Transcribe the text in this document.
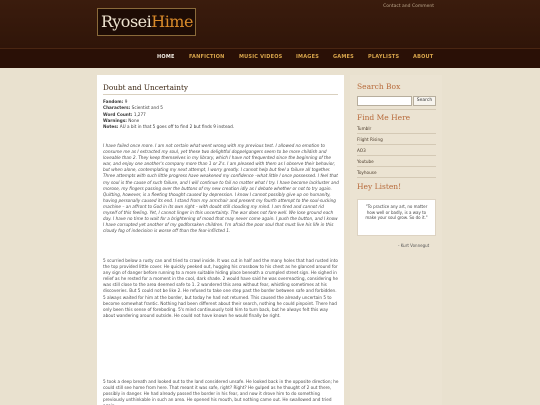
RyoseiHime
Contact and Comment
HOME	FANFICTION	MUSIC VIDEOS	IMAGES	GAMES	PLAYLISTS	ABOUT
Doubt and Uncertainty
Fandom: 9
Characters: Scientist and 5
Word Count: 1,277
Warnings: None
Notes: AU a bit in that 5 goes off to find 2 but finds 9 instead.

I have failed once more. I am not certain what went wrong with my previous test. I allowed no emotion to consume me as I extracted my soul, yet these two delightful doppelgangers seem to be more childish and loveable than 2. They keep themselves in my library, which I have not frequented since the beginning of the war, and enjoy one another's company more than 1 or 2's. I am pleased with them as I observe their behavior, but when alone, contemplating my next attempt, I worry greatly. I cannot help but feel a failure all together. Three attempts with such little progress have weakened my confidence –what little I once possessed. I feel that my soul is the cause of such failure, and I will continue to fail no matter what I try. I have become lackluster and morose, my fingers passing over the buttons of my new creation idly as I debate whether or not to try again. Quitting, however, is a fleeting thought caused by depression. I know I cannot possibly give up on humanity, having personally caused its end. I stand from my armchair and present my fourth attempt to the soul-sucking machine – an affront to God in its own right – with doubt still clouding my mind. I am tired and cannot rid myself of this feeling. Yet, I cannot linger in this uncertainty. The war does not fare well. We lose ground each day. I have no time to wait for a brightening of mood that may never come again. I push the button, and I know I have corrupted yet another of my godforsaken children. I'm afraid the poor soul that must live his life in this cloudy fog of indecision is worse off than the fear-inflicted 1.

5 scurried below a rusty can and tried to crawl inside. It was cut in half and the many holes that had rusted into the top provided little cover. He quickly peeked out, hugging his crossbow to his chest as he glanced around for any sign of danger before running to a more suitable hiding place beneath a crumpled street sign. He sighed in relief as he rested for a moment in the cool, dark shade. 2 would have said he was overreacting, considering he was still close to the area deemed safe to 1. 2 wandered this area without fear, whistling sometimes at his discoveries. But 5 could not be like 2. He refused to take one step past the border between safe and forbidden. 5 always waited for him at the border, but today he had not returned. This caused the already uncertain 5 to become somewhat frantic. Nothing had been different about their search, nothing he could pinpoint. There had only been this sense of foreboding. 5's mind continuously told him to turn back, but he always felt this way about wandering around outside. He could not have known he would finally be right.

5 took a deep breath and looked out to the land considered unsafe. He looked back in the opposite direction; he could still see home from here. That meant it was safe, right? Right? He gulped as he thought of 2 out there, possibly in danger. He had already passed the border in his fear, and now it drove him to do something previously unthinkable in such an area. He opened his mouth, but nothing came out. He swallowed and tried

Search Box
Search
Find Me Here
Tumblr
Flight Rising
AO3
Youtube
Toyhouse
Hey Listen!
"To practice any art, no matter how well or badly, is a way to make your soul grow. So do it."
- Kurt Vonnegut
